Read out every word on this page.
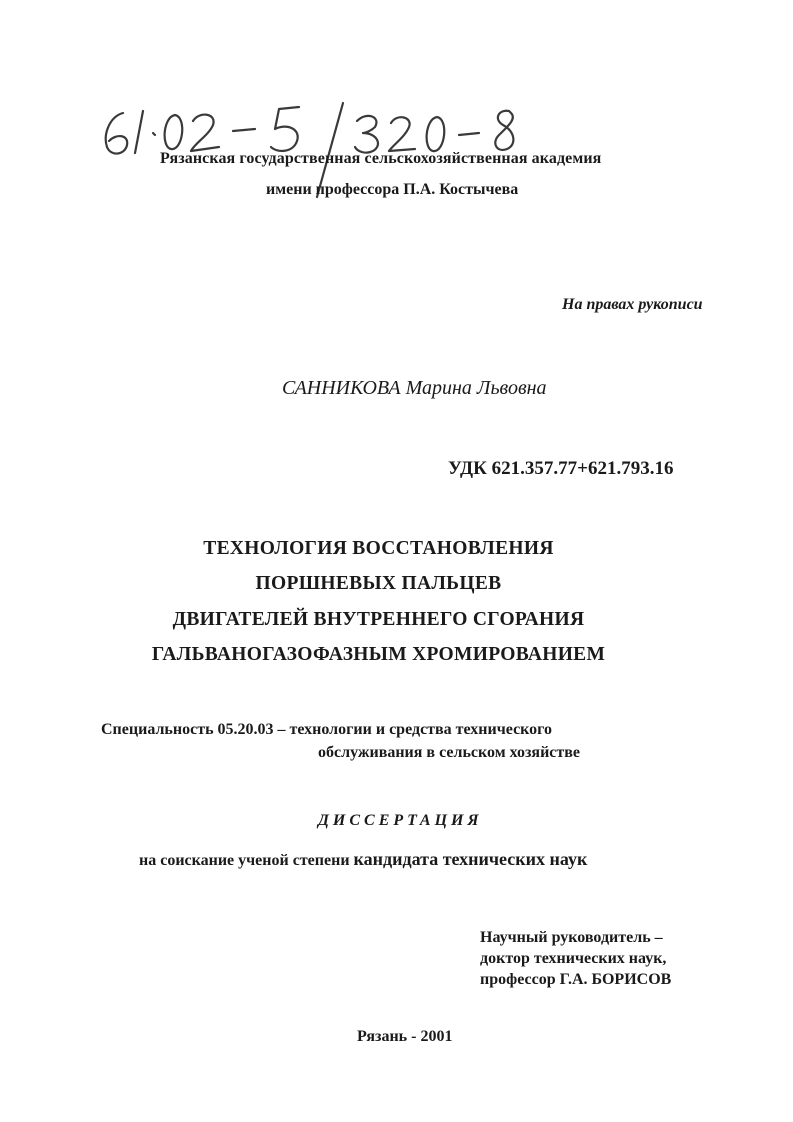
Рязанская государственная сельскохозяйственная академия
имени профессора П.А. Костычева
На правах рукописи
САННИКОВА Марина Львовна
УДК 621.357.77+621.793.16
ТЕХНОЛОГИЯ ВОССТАНОВЛЕНИЯ
ПОРШНЕВЫХ ПАЛЬЦЕВ
ДВИГАТЕЛЕЙ ВНУТРЕННЕГО СГОРАНИЯ
ГАЛЬВАНОГАЗОФАЗНЫМ ХРОМИРОВАНИЕМ
Специальность 05.20.03 – технологии и средства технического
обслуживания в сельском хозяйстве
ДИССЕРТАЦИЯ
на соискание ученой степени кандидата технических наук
Научный руководитель –
доктор технических наук,
профессор Г.А. БОРИСОВ
Рязань - 2001
